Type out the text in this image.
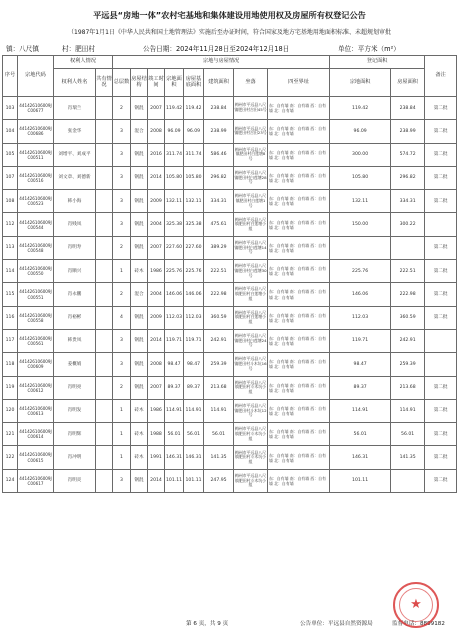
平远县“房地一体”农村宅基地和集体建设用地使用权及房屋所有权登记公告
（1987年1月1日《中华人民共和国土地管理法》实施后至办证时间，符合国家及地方宅基地用地面积标准、未超规划审批
镇：八尺镇	村：肥田村	公告日期：2024年11月28日至2024年12月18日	单位：平方米（m²）
序号	宗地代码	权利人情况		宗地与房屋情况								登记面积		备注
		权利人姓名	共有情况	总层数	房屋结构	竣工时间	宗地面积	房屋基底面积	建筑面积	坐落	四至界址	宗地面积	房屋面积	
103	441426106009JC00677	肖瑞兰		2	钢混	2007	119.42	119.42	238.84	梅州市平远县八尺镇肥田村吉田45号	东：自有墙 南：自有墙 西：自有墙 北：自有墙	119.42	238.84	第二批
104	441426106009JC00686	张金华		3	混合	2008	96.09	96.09	238.99	梅州市平远县八尺镇肥田村吉田23号	东：自有墙 南：自有墙 西：自有墙 北：自有墙	96.09	238.99	第二批
105	441426106009JC00511	刘增平、刘成平		3	钢混	2016	311.74	311.74	586.46	梅州市平远县八尺镇肥田村白莲塘8号	东：自有墙 南：自有墙 西：自有墙 北：自有墙	300.00	574.72	第二批
107	441426106009JC00516	刘文章、刘德新		3	钢混	2014	105.80	105.80	296.82	梅州市平远县八尺镇肥田村白莲塘28号	东：自有墙 南：自有墙 西：自有墙 北：自有墙	105.80	296.82	第二批
108	441426106009JC00523	韩小海		3	钢混	2009	132.11	132.11	334.31	梅州市平远县八尺镇肥田村白莲塘1号	东：自有墙 南：自有墙 西：自有墙 北：自有墙	132.11	334.31	第二批
112	441426106009JC00544	肖贱凤		3	钢混	2004	325.38	325.38	475.61	梅州市平远县八尺镇肥田村白莲塘小组	东：自有墙 南：自有墙 西：自有墙 北：自有墙	150.00	300.22	
113	441426106009JC00548	肖明寿		2	钢混	2007	227.60	227.60	389.29	梅州市平远县八尺镇肥田村白莲塘14号	东：自有墙 南：自有墙 西：自有墙 北：自有墙			第二批
114	441426106009JC00550	肖顺兴		1	砖木	1986	225.76	225.76	222.51	梅州市平远县八尺镇肥田村白莲塘30号	东：自有墙 南：自有墙 西：自有墙 北：自有墙	225.76	222.51	第二批
115	441426106009JC00551	肖永鹏		2	混合	2004	146.06	146.06	222.98	梅州市平远县八尺镇肥田村白莲塘小组	东：自有墙 南：自有墙 西：自有墙 北：自有墙	146.06	222.98	第二批
116	441426106009JC00558	肖裕彬		4	钢混	2009	112.03	112.03	360.59	梅州市平远县八尺镇肥田村白莲塘小组	东：自有墙 南：自有墙 西：自有墙 北：自有墙	112.03	360.59	第二批
117	441426106009JC00561	韩贵凤		3	钢混	2014	119.71	119.71	242.91	梅州市平远县八尺镇肥田村白莲塘24号	东：自有墙 南：自有墙 西：自有墙 北：自有墙	119.71	242.91	
118	441426106009JC00609	姜概娟		3	钢混	2008	98.47	98.47	259.39	梅州市平远县八尺镇肥田村斗木坑16号	东：自有墙 南：自有墙 西：自有墙 北：自有墙	98.47	259.39	
119	441426106009JC00612	肖明亮		2	钢混	2007	89.37	89.37	213.68	梅州市平远县八尺镇肥田村斗木坑小组	东：自有墙 南：自有墙 西：自有墙 北：自有墙	89.37	213.68	第二批
120	441426106009JC00613	肖明发		1	砖木	1986	114.91	114.91	114.91	梅州市平远县八尺镇肥田村斗木坑12号	东：自有墙 南：自有墙 西：自有墙 北：自有墙	114.91	114.91	第二批
121	441426106009JC00614	肖明辉		1	砖木	1988	56.01	56.01	56.01	梅州市平远县八尺镇肥田村斗木坑小组	东：自有墙 南：自有墙 西：自有墙 北：自有墙	56.01	56.01	第二批
122	441426106009JC00615	肖冲明		1	砖木	1991	146.31	146.31	141.35	梅州市平远县八尺镇肥田村斗木坑小组	东：自有墙 南：自有墙 西：自有墙 北：自有墙	146.31	141.35	第二批
124	441426106009JC00617	肖明炎		3	钢混	2014	101.11	101.11	247.95	梅州市平远县八尺镇肥田村斗木坑小组	东：自有墙 南：自有墙 西：自有墙 北：自有墙	101.11		第二批
第 6 页，共 9 页	公告单位：平远县自然资源局	监督电话：8899182
★
